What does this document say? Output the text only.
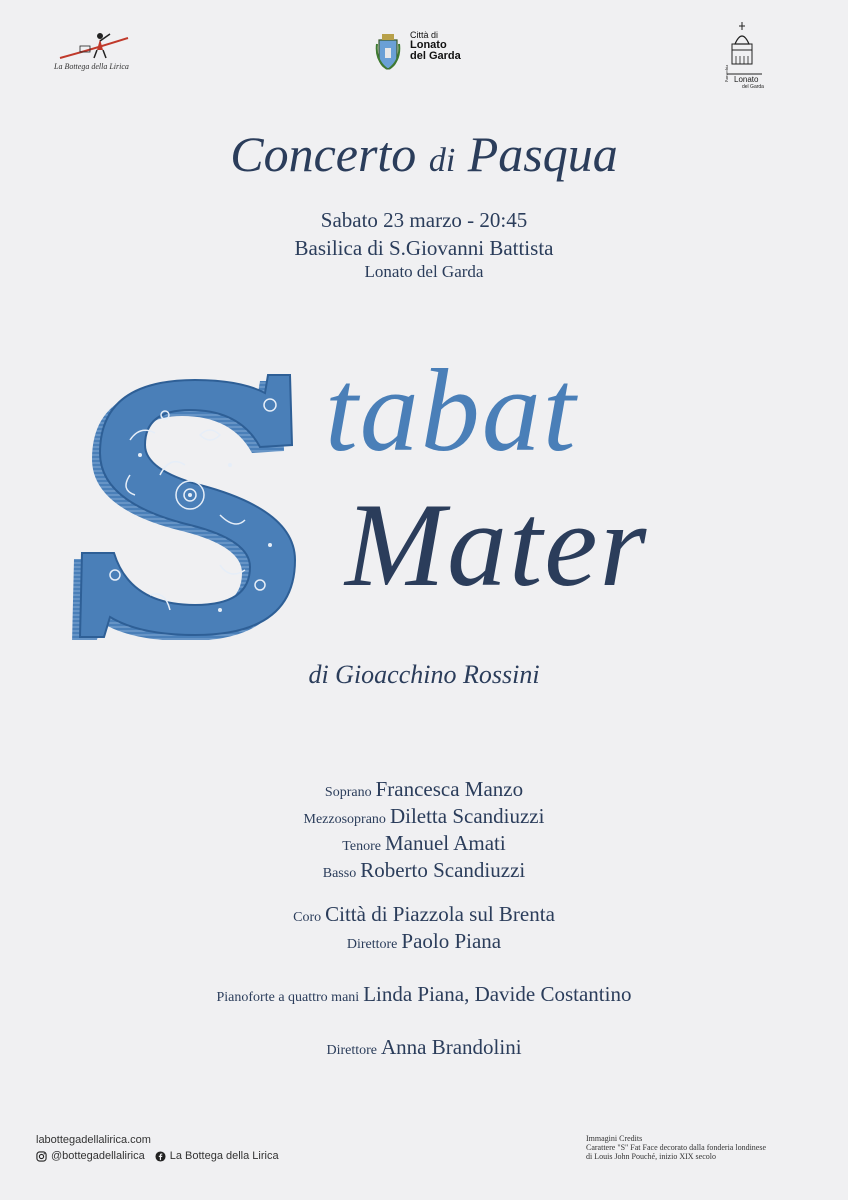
La Bottega della Lirica
Città di
Lonato
del Garda
Parrocchia Lonato
del Garda
Concerto di Pasqua
Sabato 23 marzo - 20:45
Basilica di S.Giovanni Battista
Lonato del Garda
tabat
Mater
di Gioacchino Rossini
Soprano Francesca Manzo
Mezzosoprano Diletta Scandiuzzi
Tenore Manuel Amati
Basso Roberto Scandiuzzi
Coro Città di Piazzola sul Brenta
Direttore Paolo Piana
Pianoforte a quattro mani Linda Piana, Davide Costantino
Direttore Anna Brandolini
labottegadellalirica.com
@bottegadellalirica La Bottega della Lirica
Immagini Credits
Carattere "S" Fat Face decorato dalla fonderia londinese
di Louis John Pouché, inizio XIX secolo
